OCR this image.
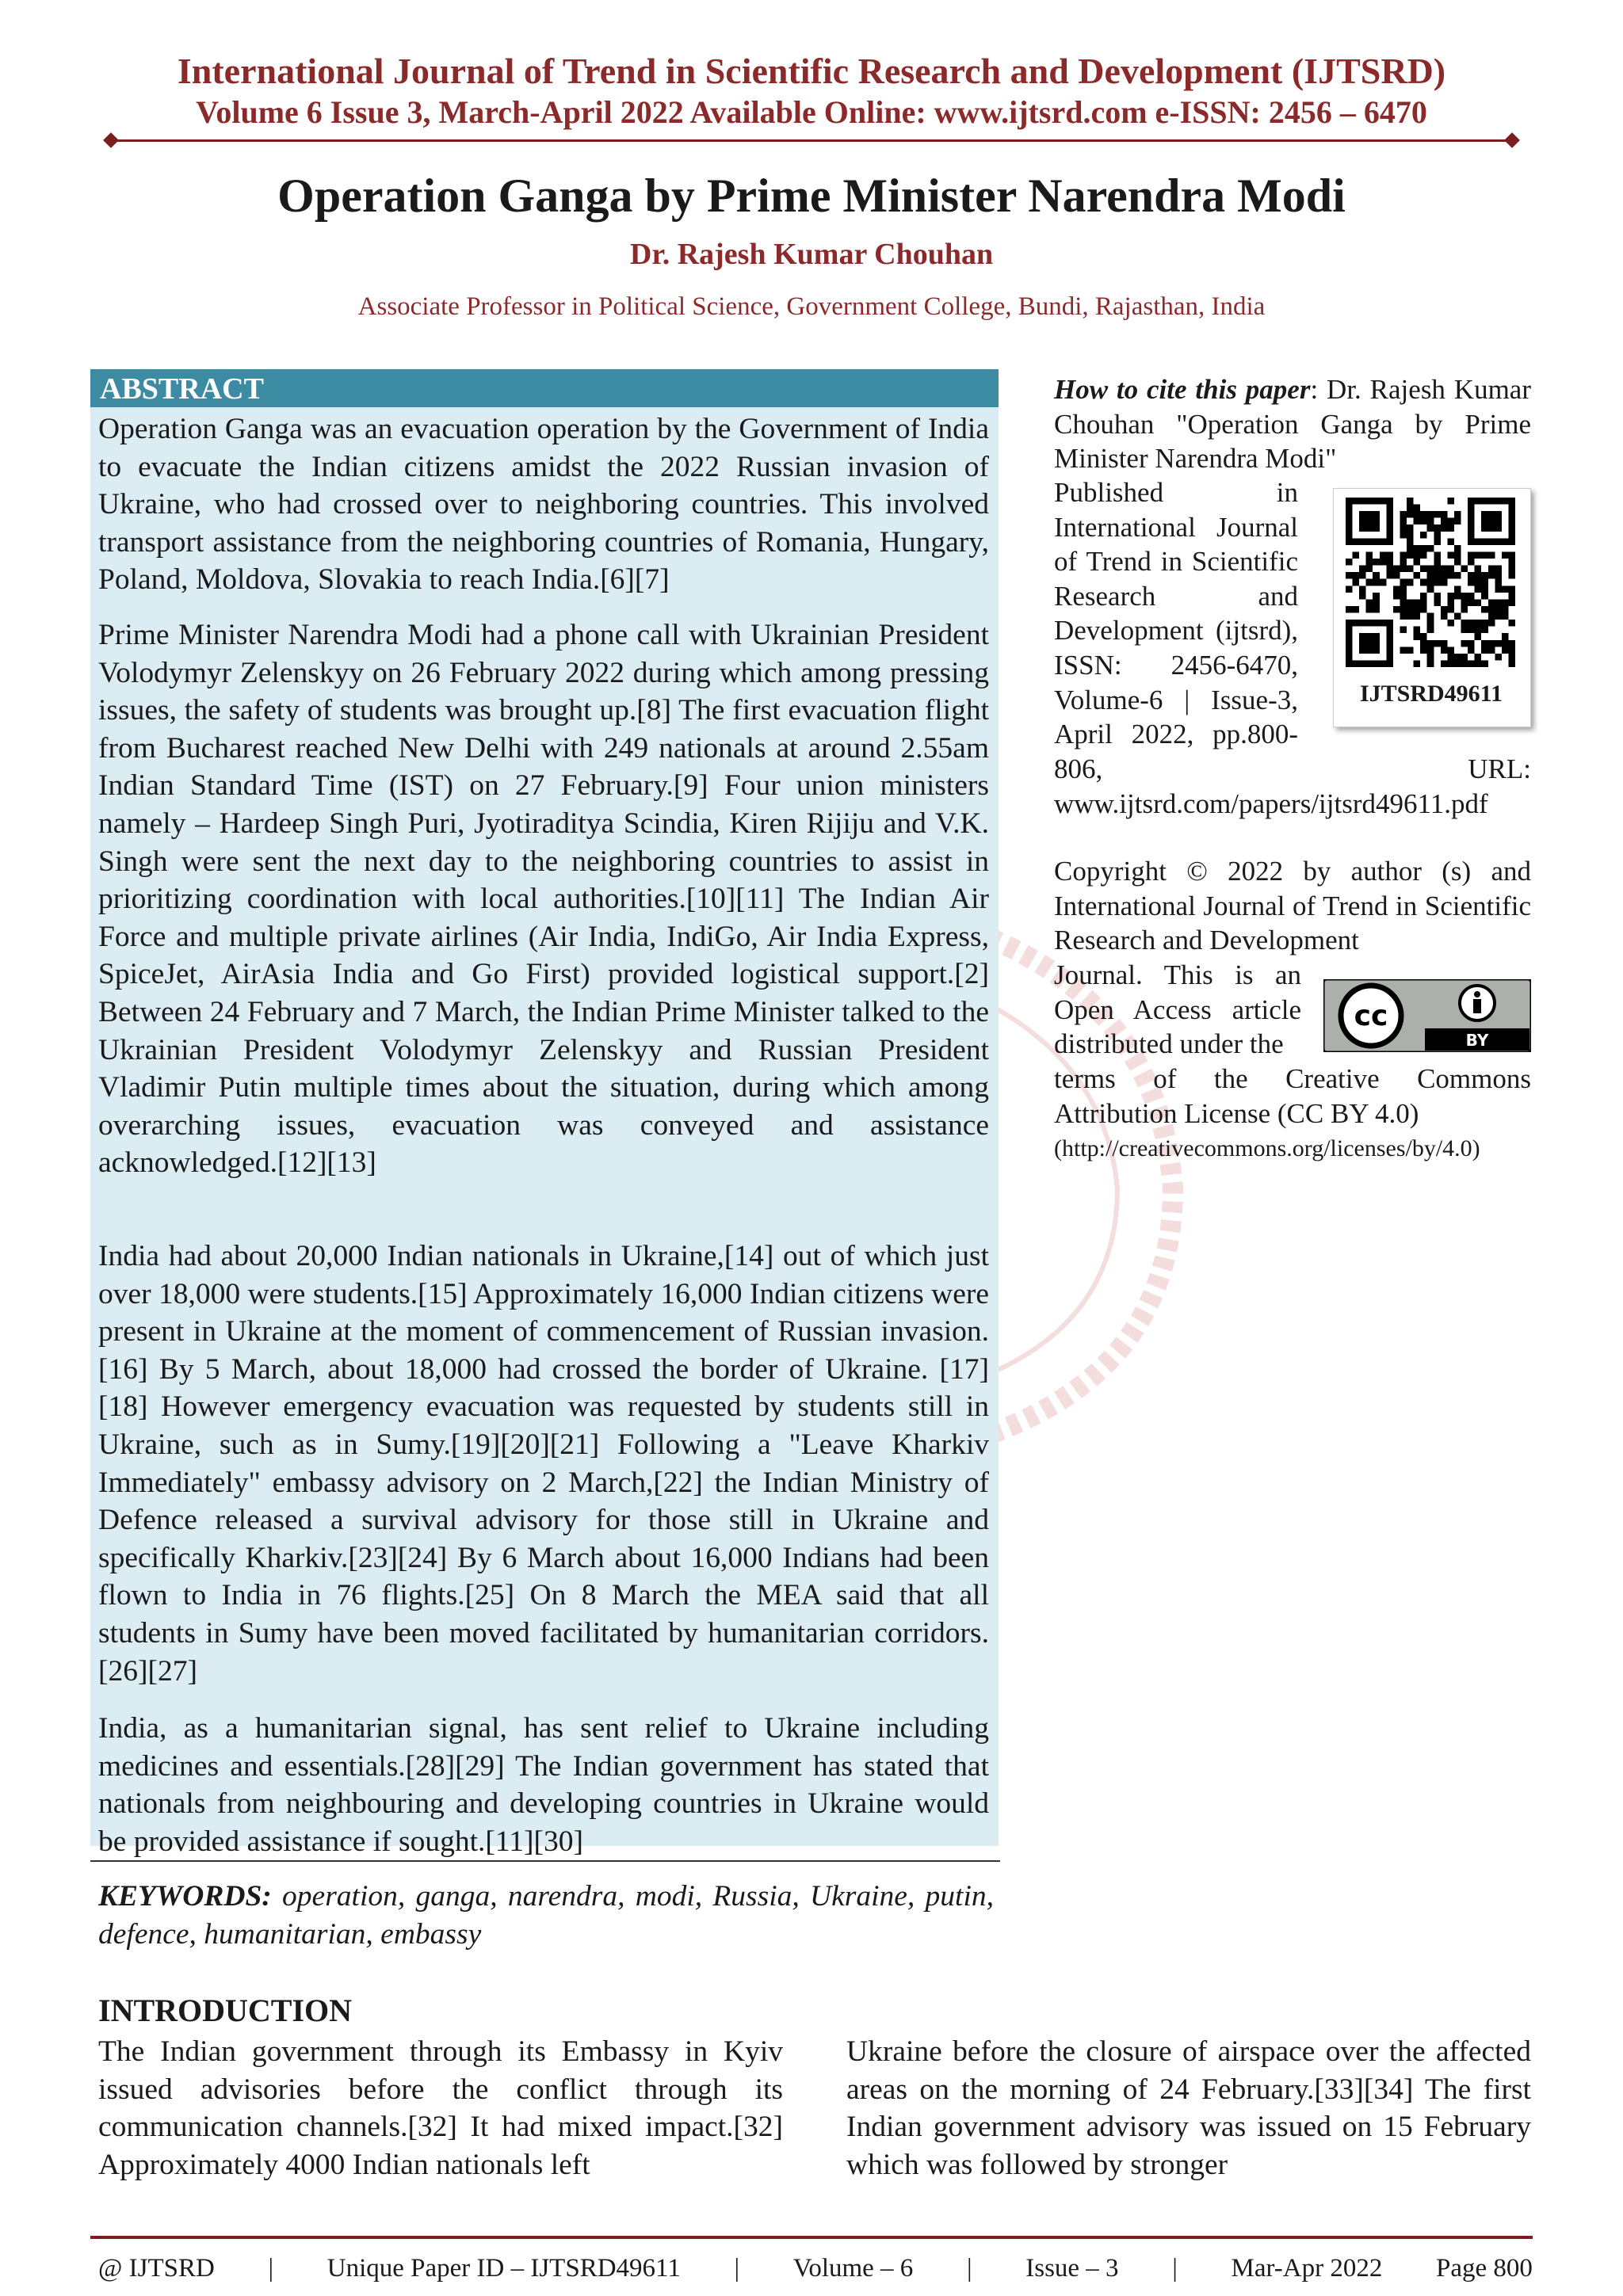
International Journal of Trend in Scientific Research and Development (IJTSRD)
Volume 6 Issue 3, March-April 2022 Available Online: www.ijtsrd.com e-ISSN: 2456 – 6470
Operation Ganga by Prime Minister Narendra Modi
Dr. Rajesh Kumar Chouhan
Associate Professor in Political Science, Government College, Bundi, Rajasthan, India
ABSTRACT
Operation Ganga was an evacuation operation by the Government of India to evacuate the Indian citizens amidst the 2022 Russian invasion of Ukraine, who had crossed over to neighboring countries. This involved transport assistance from the neighboring countries of Romania, Hungary, Poland, Moldova, Slovakia to reach India.[6][7]
Prime Minister Narendra Modi had a phone call with Ukrainian President Volodymyr Zelenskyy on 26 February 2022 during which among pressing issues, the safety of students was brought up.[8] The first evacuation flight from Bucharest reached New Delhi with 249 nationals at around 2.55am Indian Standard Time (IST) on 27 February.[9] Four union ministers namely – Hardeep Singh Puri, Jyotiraditya Scindia, Kiren Rijiju and V.K. Singh were sent the next day to the neighboring countries to assist in prioritizing coordination with local authorities.[10][11] The Indian Air Force and multiple private airlines (Air India, IndiGo, Air India Express, SpiceJet, AirAsia India and Go First) provided logistical support.[2] Between 24 February and 7 March, the Indian Prime Minister talked to the Ukrainian President Volodymyr Zelenskyy and Russian President Vladimir Putin multiple times about the situation, during which among overarching issues, evacuation was conveyed and assistance acknowledged.[12][13]
India had about 20,000 Indian nationals in Ukraine,[14] out of which just over 18,000 were students.[15] Approximately 16,000 Indian citizens were present in Ukraine at the moment of commencement of Russian invasion. [16] By 5 March, about 18,000 had crossed the border of Ukraine. [17][18] However emergency evacuation was requested by students still in Ukraine, such as in Sumy.[19][20][21] Following a "Leave Kharkiv Immediately" embassy advisory on 2 March,[22] the Indian Ministry of Defence released a survival advisory for those still in Ukraine and specifically Kharkiv.[23][24] By 6 March about 16,000 Indians had been flown to India in 76 flights.[25] On 8 March the MEA said that all students in Sumy have been moved facilitated by humanitarian corridors.[26][27]
India, as a humanitarian signal, has sent relief to Ukraine including medicines and essentials.[28][29] The Indian government has stated that nationals from neighbouring and developing countries in Ukraine would be provided assistance if sought.[11][30]
KEYWORDS: operation, ganga, narendra, modi, Russia, Ukraine, putin, defence, humanitarian, embassy
How to cite this paper: Dr. Rajesh Kumar Chouhan "Operation Ganga by Prime Minister Narendra Modi"
Published in International Journal of Trend in Scientific Research and Development (ijtsrd), ISSN: 2456-6470, Volume-6 | Issue-3, April 2022, pp.800-806,	URL:

www.ijtsrd.com/papers/ijtsrd49611.pdf
IJTSRD49611
Copyright © 2022 by author (s) and International Journal of Trend in Scientific Research and Development
Journal. This is an Open Access article distributed under the
terms of the Creative Commons Attribution License (CC BY 4.0)
(http://creativecommons.org/licenses/by/4.0)
cc
BY
INTRODUCTION
The Indian government through its Embassy in Kyiv issued advisories before the conflict through its communication channels.[32] It had mixed impact.[32] Approximately 4000 Indian nationals left
Ukraine before the closure of airspace over the affected areas on the morning of 24 February.[33][34] The first Indian government advisory was issued on 15 February which was followed by stronger
@ IJTSRD | Unique Paper ID – IJTSRD49611 | Volume – 6 | Issue – 3 | Mar-Apr 2022 Page 800
